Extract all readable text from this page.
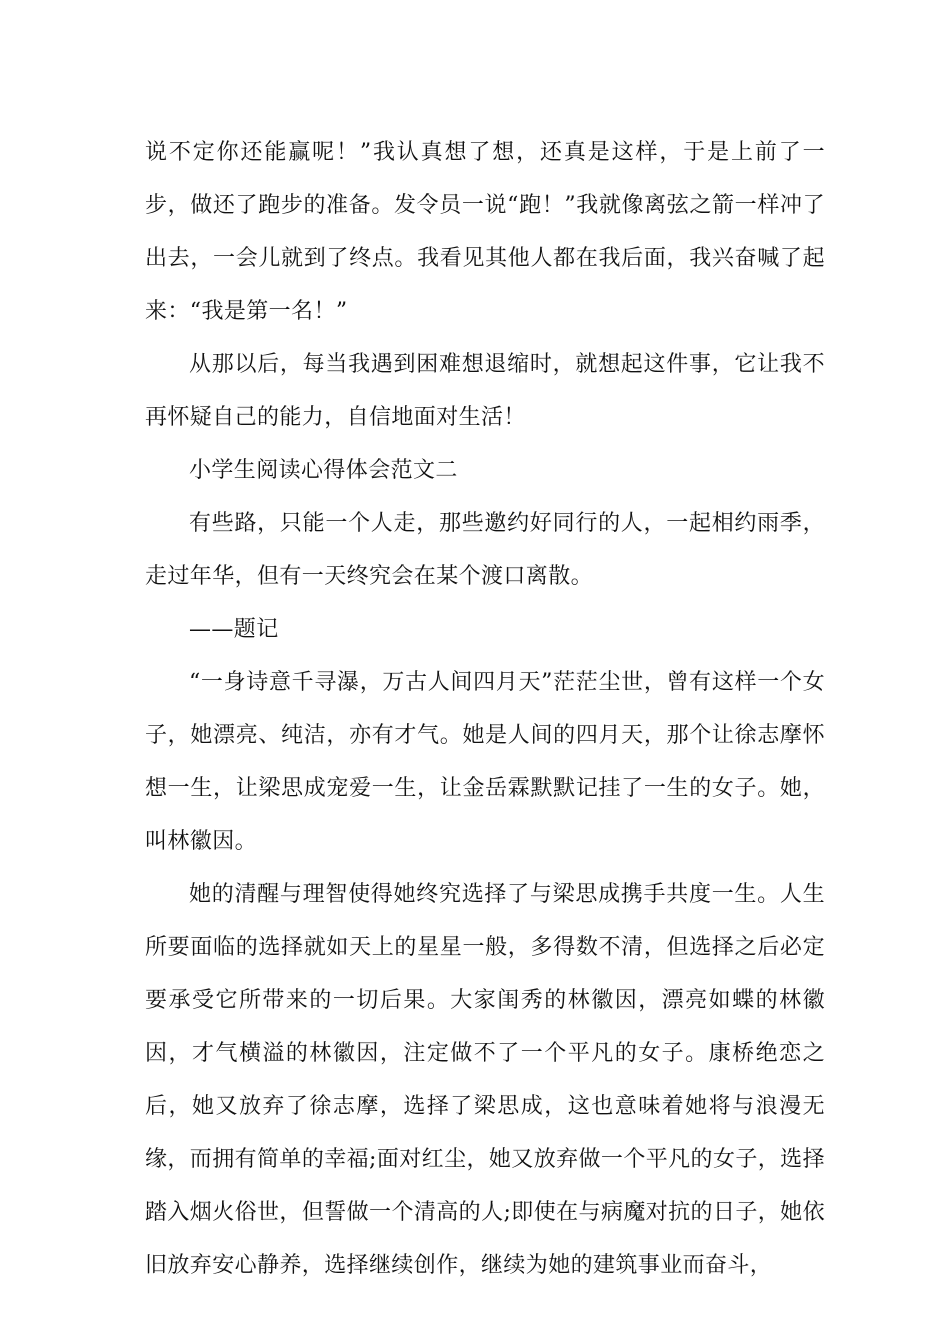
说不定你还能赢呢！”我认真想了想，还真是这样，于是上前了一步，做还了跑步的准备。发令员一说“跑！”我就像离弦之箭一样冲了出去，一会儿就到了终点。我看见其他人都在我后面，我兴奋喊了起来：“我是第一名！”

从那以后，每当我遇到困难想退缩时，就想起这件事，它让我不再怀疑自己的能力，自信地面对生活！

小学生阅读心得体会范文二

有些路，只能一个人走，那些邀约好同行的人，一起相约雨季，走过年华，但有一天终究会在某个渡口离散。

——题记

“一身诗意千寻瀑，万古人间四月天”茫茫尘世，曾有这样一个女子，她漂亮、纯洁，亦有才气。她是人间的四月天，那个让徐志摩怀想一生，让梁思成宠爱一生，让金岳霖默默记挂了一生的女子。她，叫林徽因。

她的清醒与理智使得她终究选择了与梁思成携手共度一生。人生所要面临的选择就如天上的星星一般，多得数不清，但选择之后必定要承受它所带来的一切后果。大家闺秀的林徽因，漂亮如蝶的林徽因，才气横溢的林徽因，注定做不了一个平凡的女子。康桥绝恋之后，她又放弃了徐志摩，选择了梁思成，这也意味着她将与浪漫无缘，而拥有简单的幸福;面对红尘，她又放弃做一个平凡的女子，选择踏入烟火俗世，但誓做一个清高的人;即使在与病魔对抗的日子，她依旧放弃安心静养，选择继续创作，继续为她的建筑事业而奋斗，
